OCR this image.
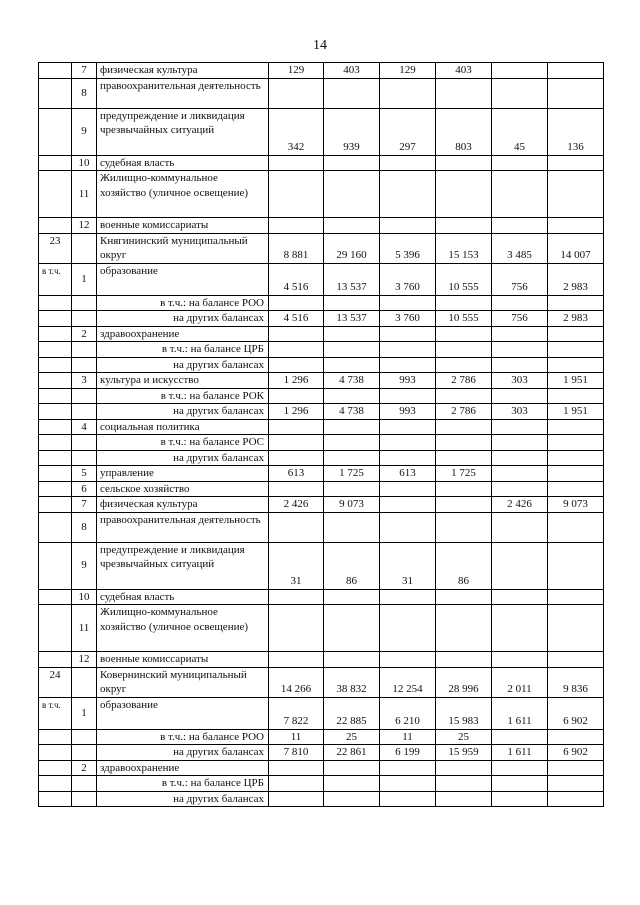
14
	7	физическая культура	129	403	129	403		
	8	правоохранительная деятельность						
	9	предупреждение и ликвидация чрезвычайных ситуаций	342	939	297	803	45	136
	10	судебная власть						
	11	Жилищно-коммунальное хозяйство (уличное освещение)						
	12	военные комиссариаты						
23		Княгининский муниципальный округ	8 881	29 160	5 396	15 153	3 485	14 007
в т.ч.	1	образование	4 516	13 537	3 760	10 555	756	2 983
		в т.ч.: на балансе РОО						
		на других балансах	4 516	13 537	3 760	10 555	756	2 983
	2	здравоохранение						
		в т.ч.: на балансе ЦРБ						
		на других балансах						
	3	культура и искусство	1 296	4 738	993	2 786	303	1 951
		в т.ч.: на балансе РОК						
		на других балансах	1 296	4 738	993	2 786	303	1 951
	4	социальная политика						
		в т.ч.: на балансе РОС						
		на других балансах						
	5	управление	613	1 725	613	1 725		
	6	сельское хозяйство						
	7	физическая культура	2 426	9 073			2 426	9 073
	8	правоохранительная деятельность						
	9	предупреждение и ликвидация чрезвычайных ситуаций	31	86	31	86		
	10	судебная власть						
	11	Жилищно-коммунальное хозяйство (уличное освещение)						
	12	военные комиссариаты						
24		Ковернинский муниципальный округ	14 266	38 832	12 254	28 996	2 011	9 836
в т.ч.	1	образование	7 822	22 885	6 210	15 983	1 611	6 902
		в т.ч.: на балансе РОО	11	25	11	25		
		на других балансах	7 810	22 861	6 199	15 959	1 611	6 902
	2	здравоохранение						
		в т.ч.: на балансе ЦРБ						
		на других балансах						
